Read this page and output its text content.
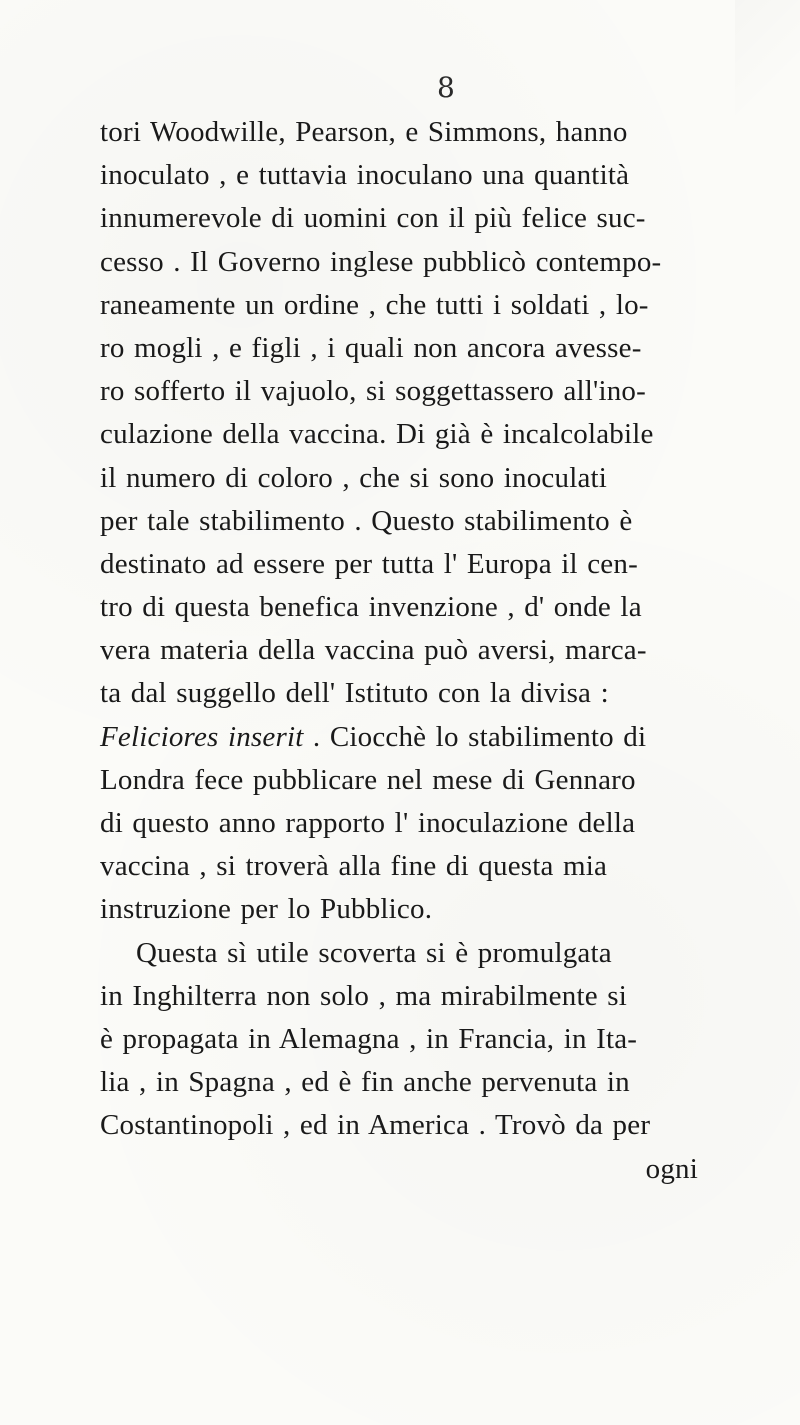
8
tori Woodwille, Pearson, e Simmons, hanno
inoculato , e tuttavia inoculano una quantità
innumerevole di uomini con il più felice suc-
cesso . Il Governo inglese pubblicò contempo-
raneamente un ordine , che tutti i soldati , lo-
ro mogli , e figli , i quali non ancora avesse-
ro sofferto il vajuolo, si soggettassero all'ino-
culazione della vaccina. Di già è incalcolabile
il numero di coloro , che si sono inoculati
per tale stabilimento . Questo stabilimento è
destinato ad essere per tutta l' Europa il cen-
tro di questa benefica invenzione , d' onde la
vera materia della vaccina può aversi, marca-
ta dal suggello dell' Istituto con la divisa :
Feliciores inserit . Ciocchè lo stabilimento di
Londra fece pubblicare nel mese di Gennaro
di questo anno rapporto l' inoculazione della
vaccina , si troverà alla fine di questa mia
instruzione per lo Pubblico.
Questa sì utile scoverta si è promulgata
in Inghilterra non solo , ma mirabilmente si
è propagata in Alemagna , in Francia, in Ita-
lia , in Spagna , ed è fin anche pervenuta in
Costantinopoli , ed in America . Trovò da per
ogni
